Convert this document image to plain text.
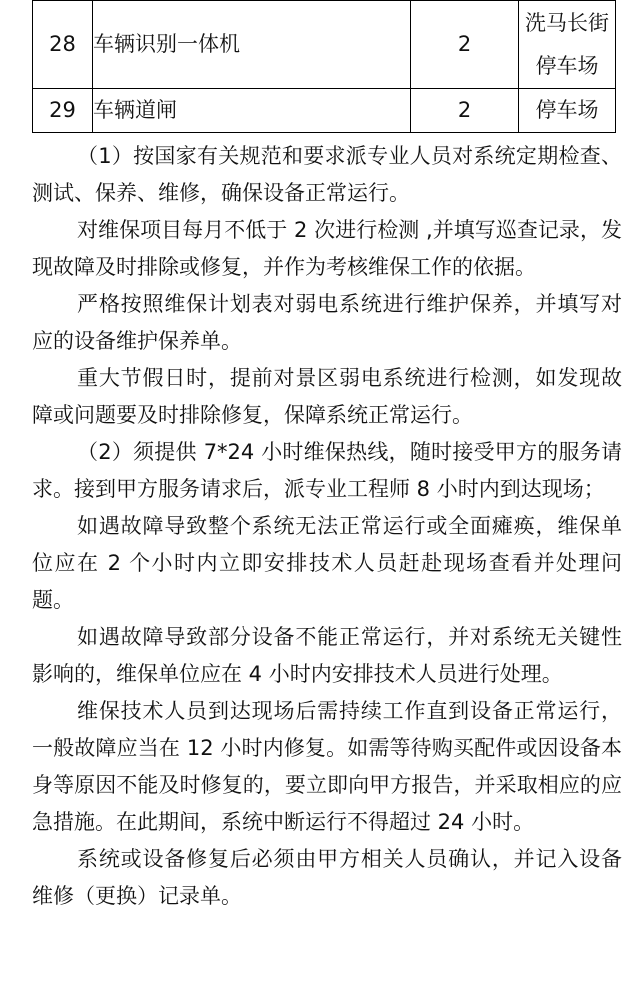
28	车辆识别一体机	2	洗马长街
停车场

29	车辆道闸	2	停车场

（1）按国家有关规范和要求派专业人员对系统定期检查、测试、保养、维修，确保设备正常运行。

对维保项目每月不低于 2 次进行检测 ,并填写巡查记录，发现故障及时排除或修复，并作为考核维保工作的依据。

严格按照维保计划表对弱电系统进行维护保养，并填写对应的设备维护保养单。

重大节假日时，提前对景区弱电系统进行检测，如发现故障或问题要及时排除修复，保障系统正常运行。

（2）须提供 7*24 小时维保热线，随时接受甲方的服务请求。接到甲方服务请求后，派专业工程师 8 小时内到达现场；

如遇故障导致整个系统无法正常运行或全面瘫痪，维保单位应在 2 个小时内立即安排技术人员赶赴现场查看并处理问题。

如遇故障导致部分设备不能正常运行，并对系统无关键性影响的，维保单位应在 4 小时内安排技术人员进行处理。

维保技术人员到达现场后需持续工作直到设备正常运行，一般故障应当在 12 小时内修复。如需等待购买配件或因设备本身等原因不能及时修复的，要立即向甲方报告，并采取相应的应急措施。在此期间，系统中断运行不得超过 24 小时。

系统或设备修复后必须由甲方相关人员确认，并记入设备维修（更换）记录单。
